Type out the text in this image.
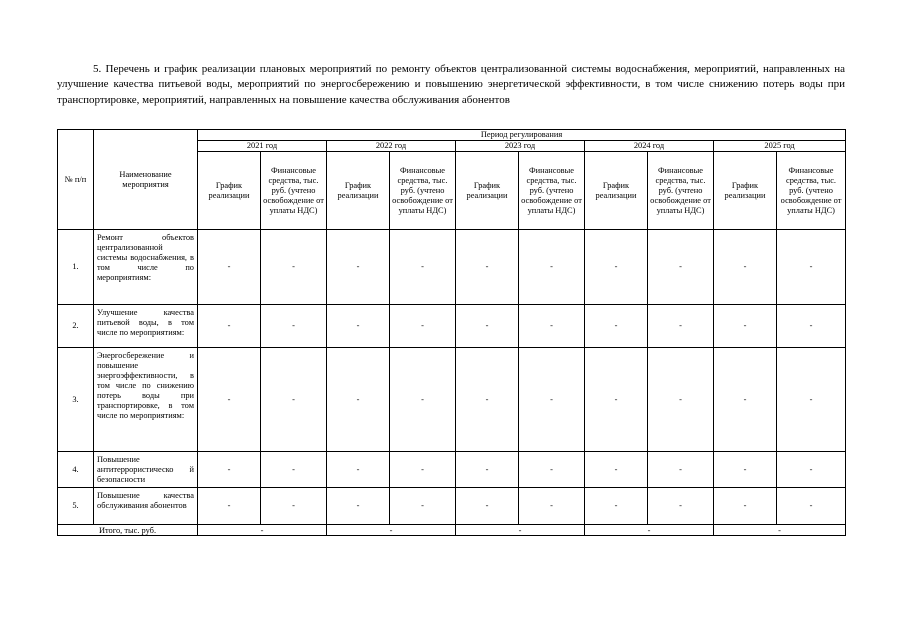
5. Перечень и график реализации плановых мероприятий по ремонту объектов централизованной системы водоснабжения, мероприятий, направленных на улучшение качества питьевой воды, мероприятий по энергосбережению и повышению энергетической эффективности, в том числе снижению потерь воды при транспортировке, мероприятий, направленных на повышение качества обслуживания абонентов

№ п/п	Наименование мероприятия	Период регулирования									
		2021 год		2022 год		2023 год		2024 год		2025 год	
		График реализации	Финансовые средства, тыс. руб. (учтено освобождение от уплаты НДС)	График реализации	Финансовые средства, тыс. руб. (учтено освобождение от уплаты НДС)	График реализации	Финансовые средства, тыс. руб. (учтено освобождение от уплаты НДС)	График реализации	Финансовые средства, тыс. руб. (учтено освобождение от уплаты НДС)	График реализации	Финансовые средства, тыс. руб. (учтено освобождение от уплаты НДС)
1.	Ремонт объектов централизованной системы водоснабжения, в том числе по мероприятиям:	-	-	-	-	-	-	-	-	-	-
2.	Улучшение качества питьевой воды, в том числе по мероприятиям:	-	-	-	-	-	-	-	-	-	-
3.	Энергосбережение и повышение энергоэффективности, в том числе по снижению потерь воды при транспортировке, в том числе по мероприятиям:	-	-	-	-	-	-	-	-	-	-
4.	Повышение антитеррористическо й безопасности	-	-	-	-	-	-	-	-	-	-
5.	Повышение качества обслуживания абонентов	-	-	-	-	-	-	-	-	-	-
Итого, тыс. руб.		-		-		-		-		-	
